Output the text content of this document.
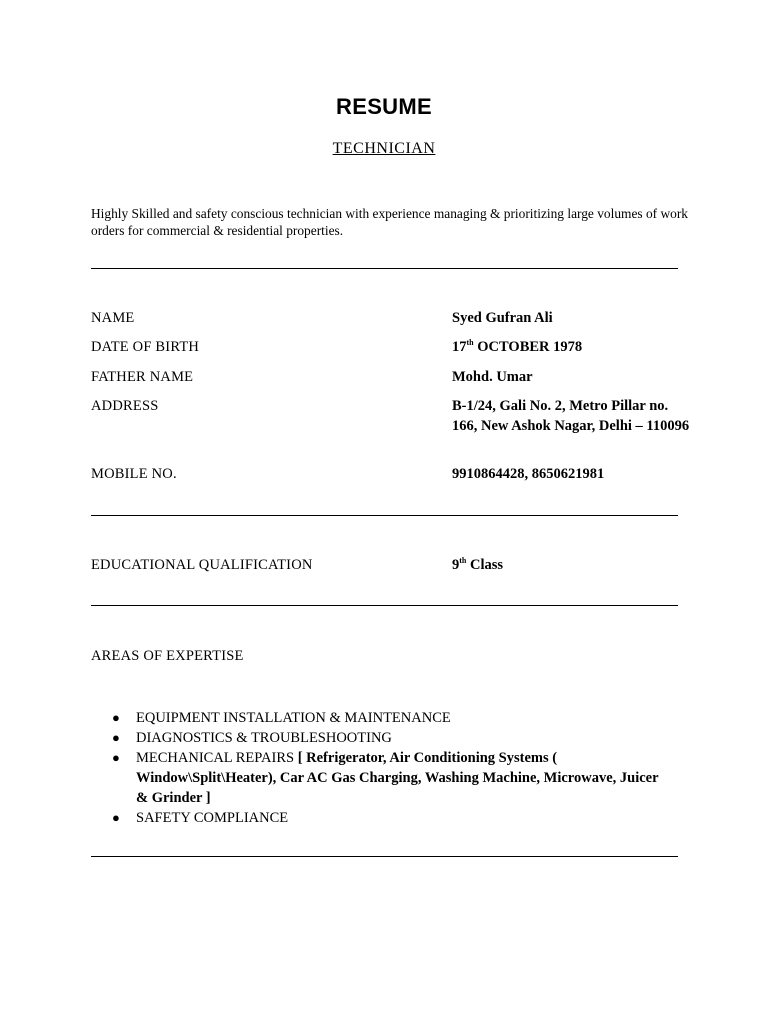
RESUME
TECHNICIAN
Highly Skilled and safety conscious technician with experience managing & prioritizing large volumes of work orders for commercial & residential properties.
NAME	Syed Gufran Ali
DATE OF BIRTH	17th OCTOBER 1978
FATHER NAME	Mohd. Umar
ADDRESS	B-1/24, Gali No. 2, Metro Pillar no. 166, New Ashok Nagar, Delhi – 110096
MOBILE NO.	9910864428, 8650621981
EDUCATIONAL QUALIFICATION	9th Class
AREAS OF EXPERTISE
● EQUIPMENT INSTALLATION & MAINTENANCE
● DIAGNOSTICS & TROUBLESHOOTING
● MECHANICAL REPAIRS [ Refrigerator, Air Conditioning Systems ( Window\Split\Heater), Car AC Gas Charging, Washing Machine, Microwave, Juicer & Grinder ]
● SAFETY COMPLIANCE
